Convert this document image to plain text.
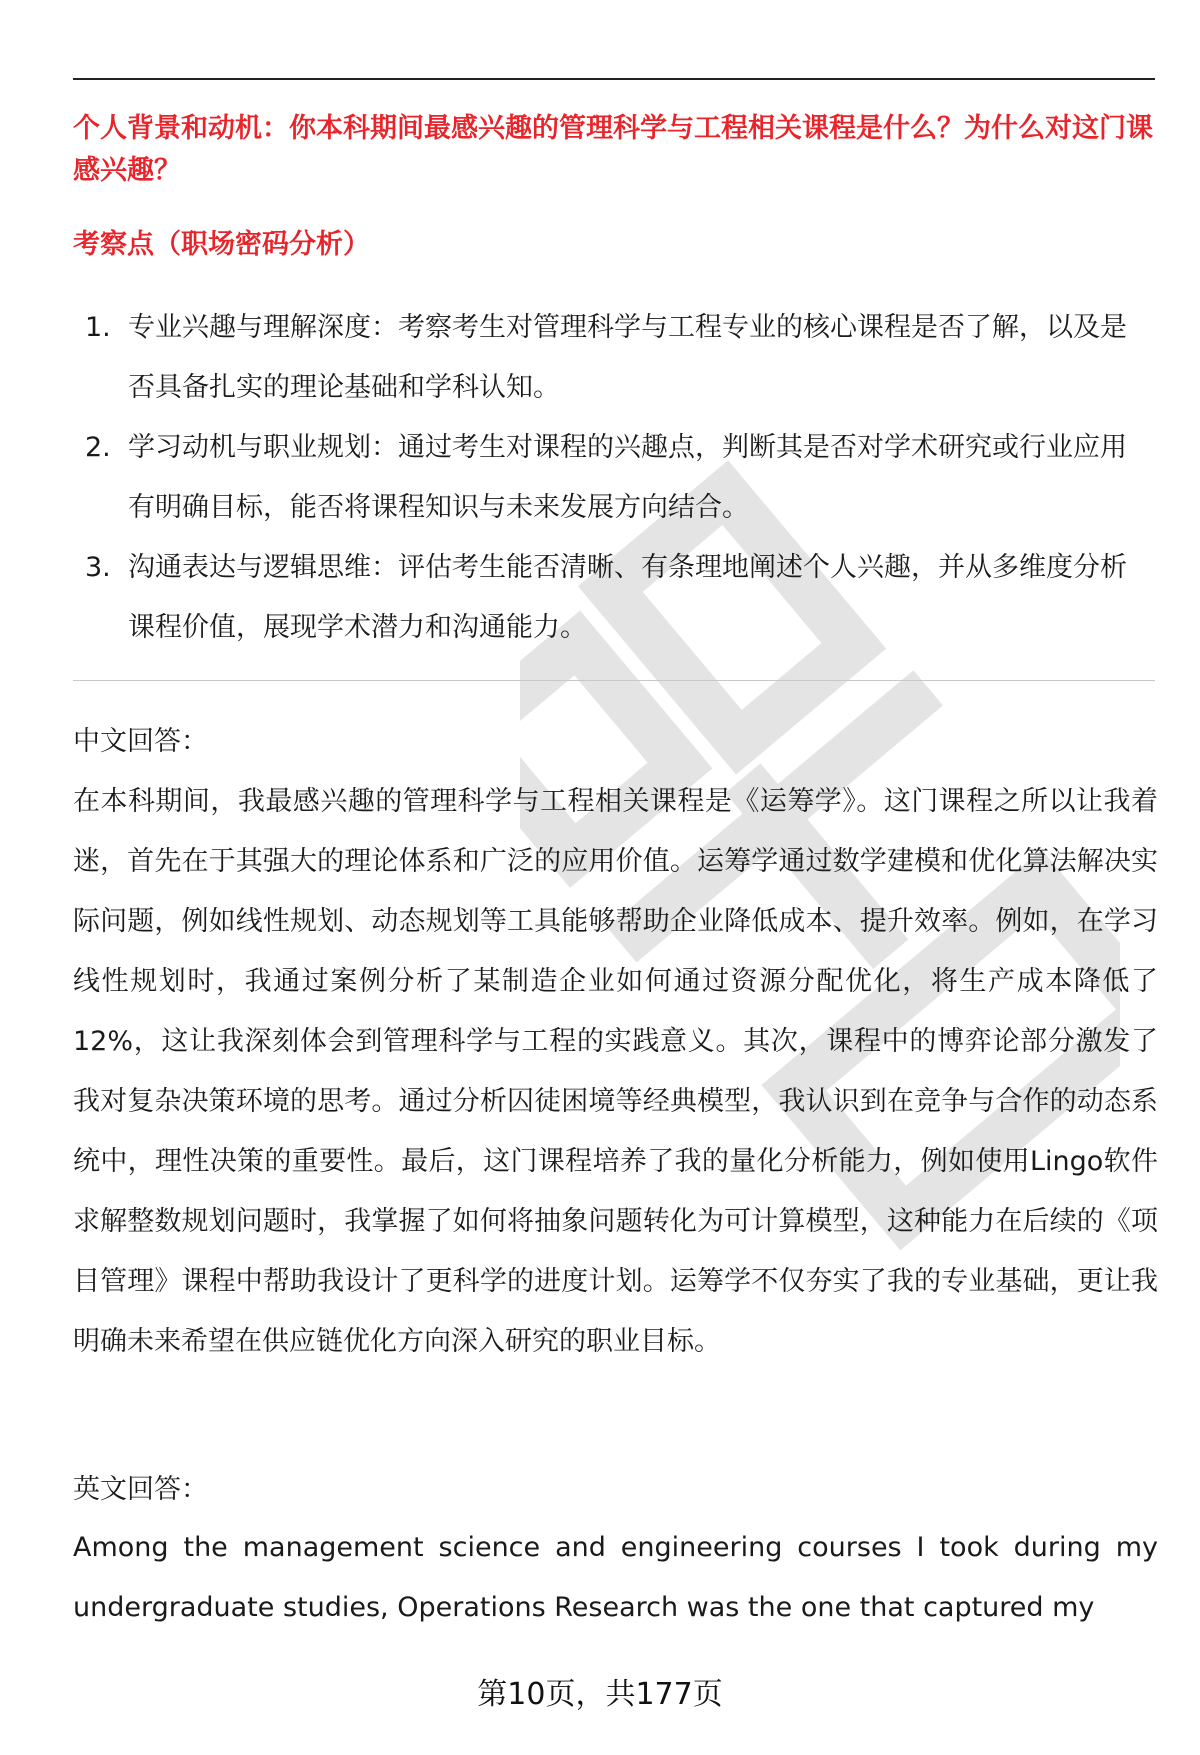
个人背景和动机：你本科期间最感兴趣的管理科学与工程相关课程是什么？为什么对这门课感兴趣？
考察点（职场密码分析）
1. 专业兴趣与理解深度：考察考生对管理科学与工程专业的核心课程是否了解，以及是否具备扎实的理论基础和学科认知。
2. 学习动机与职业规划：通过考生对课程的兴趣点，判断其是否对学术研究或行业应用有明确目标，能否将课程知识与未来发展方向结合。
3. 沟通表达与逻辑思维：评估考生能否清晰、有条理地阐述个人兴趣，并从多维度分析课程价值，展现学术潜力和沟通能力。
中文回答：

在本科期间，我最感兴趣的管理科学与工程相关课程是《运筹学》。这门课程之所以让我着迷，首先在于其强大的理论体系和广泛的应用价值。运筹学通过数学建模和优化算法解决实际问题，例如线性规划、动态规划等工具能够帮助企业降低成本、提升效率。例如，在学习线性规划时，我通过案例分析了某制造企业如何通过资源分配优化，将生产成本降低了12%，这让我深刻体会到管理科学与工程的实践意义。其次，课程中的博弈论部分激发了我对复杂决策环境的思考。通过分析囚徒困境等经典模型，我认识到在竞争与合作的动态系统中，理性决策的重要性。最后，这门课程培养了我的量化分析能力，例如使用Lingo软件求解整数规划问题时，我掌握了如何将抽象问题转化为可计算模型，这种能力在后续的《项目管理》课程中帮助我设计了更科学的进度计划。运筹学不仅夯实了我的专业基础，更让我明确未来希望在供应链优化方向深入研究的职业目标。

英文回答：

Among the management science and engineering courses I took during my undergraduate studies, Operations Research was the one that captured my

第10页，共177页
